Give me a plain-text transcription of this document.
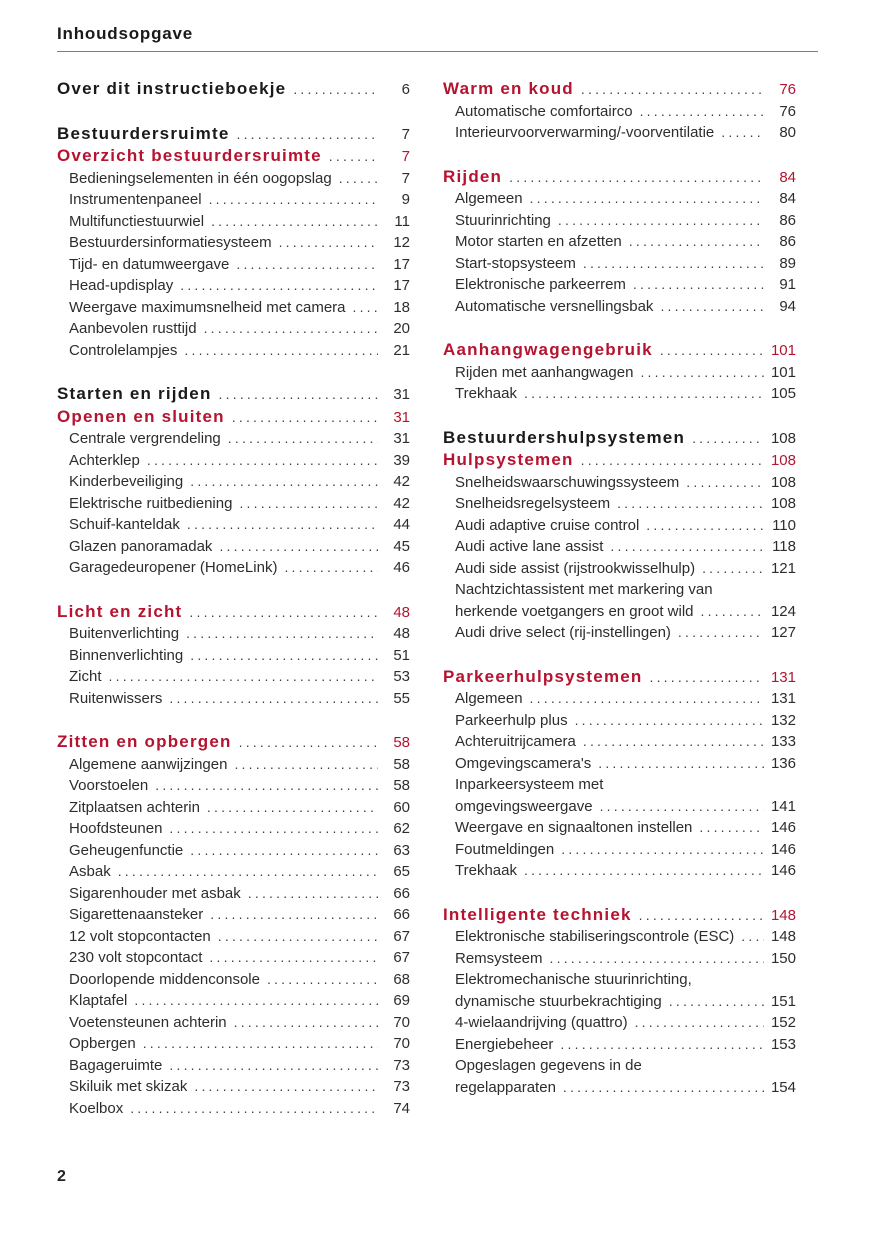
Inhoudsopgave
Over dit instructieboekje .....	6
Bestuurdersruimte .....	7
Overzicht bestuurdersruimte .....	7
Bedieningselementen in één oogopslag .....	7
Instrumentenpaneel .....	9
Multifunctiestuurwiel .....	11
Bestuurdersinformatiesysteem .....	12
Tijd- en datumweergave .....	17
Head-updisplay .....	17
Weergave maximumsnelheid met camera .....	18
Aanbevolen rusttijd .....	20
Controlelampjes .....	21
Starten en rijden .....	31
Openen en sluiten .....	31
Centrale vergrendeling .....	31
Achterklep .....	39
Kinderbeveiliging .....	42
Elektrische ruitbediening .....	42
Schuif-kanteldak .....	44
Glazen panoramadak .....	45
Garagedeuropener (HomeLink) .....	46
Licht en zicht .....	48
Buitenverlichting .....	48
Binnenverlichting .....	51
Zicht .....	53
Ruitenwissers .....	55
Zitten en opbergen .....	58
Algemene aanwijzingen .....	58
Voorstoelen .....	58
Zitplaatsen achterin .....	60
Hoofdsteunen .....	62
Geheugenfunctie .....	63
Asbak .....	65
Sigarenhouder met asbak .....	66
Sigarettenaansteker .....	66
12 volt stopcontacten .....	67
230 volt stopcontact .....	67
Doorlopende middenconsole .....	68
Klaptafel .....	69
Voetensteunen achterin .....	70
Opbergen .....	70
Bagageruimte .....	73
Skiluik met skizak .....	73
Koelbox .....	74
Warm en koud .....	76
Automatische comfortairco .....	76
Interieurvoorverwarming/-voorventilatie .....	80
Rijden .....	84
Algemeen .....	84
Stuurinrichting .....	86
Motor starten en afzetten .....	86
Start-stopsysteem .....	89
Elektronische parkeerrem .....	91
Automatische versnellingsbak .....	94
Aanhangwagengebruik .....	101
Rijden met aanhangwagen .....	101
Trekhaak .....	105
Bestuurdershulpsystemen .....	108
Hulpsystemen .....	108
Snelheidswaarschuwingssysteem .....	108
Snelheidsregelsysteem .....	108
Audi adaptive cruise control .....	110
Audi active lane assist .....	118
Audi side assist (rijstrookwisselhulp) .....	121
Nachtzichtassistent met markering van
herkende voetgangers en groot wild .....	124
Audi drive select (rij-instellingen) .....	127
Parkeerhulpsystemen .....	131
Algemeen .....	131
Parkeerhulp plus .....	132
Achteruitrijcamera .....	133
Omgevingscamera's .....	136
Inparkeersysteem met
omgevingsweergave .....	141
Weergave en signaaltonen instellen .....	146
Foutmeldingen .....	146
Trekhaak .....	146
Intelligente techniek .....	148
Elektronische stabiliseringscontrole (ESC) ..... 148
Remsysteem .....	150
Elektromechanische stuurinrichting,
dynamische stuurbekrachtiging .....	151
4-wielaandrijving (quattro) .....	152
Energiebeheer .....	153
Opgeslagen gegevens in de
regelapparaten .....	154
2
